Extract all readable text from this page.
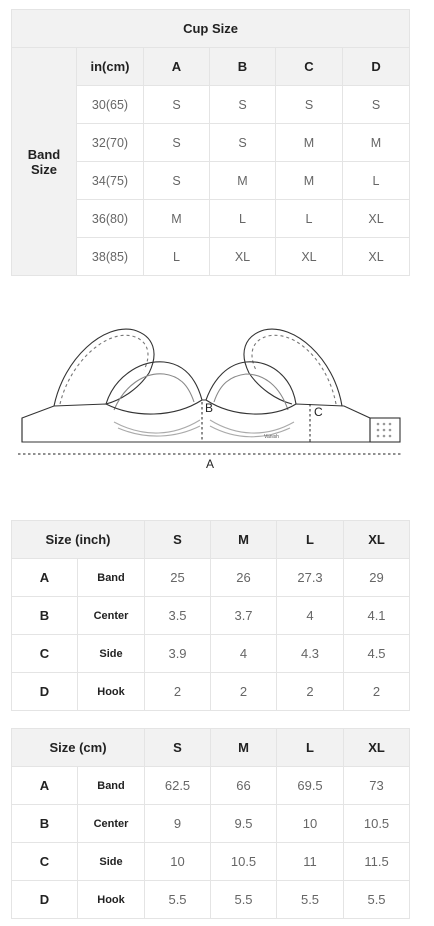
Cup Size					
Band Size	in(cm)	A	B	C	D
	30(65)	S	S	S	S
	32(70)	S	S	M	M
	34(75)	S	M	M	L
	36(80)	M	L	L	XL
	38(85)	L	XL	XL	XL
B	C
A
Vanish
Size (inch)		S	M	L	XL
A	Band	25	26	27.3	29
B	Center	3.5	3.7	4	4.1
C	Side	3.9	4	4.3	4.5
D	Hook	2	2	2	2
Size (cm)		S	M	L	XL
A	Band	62.5	66	69.5	73
B	Center	9	9.5	10	10.5
C	Side	10	10.5	11	11.5
D	Hook	5.5	5.5	5.5	5.5
